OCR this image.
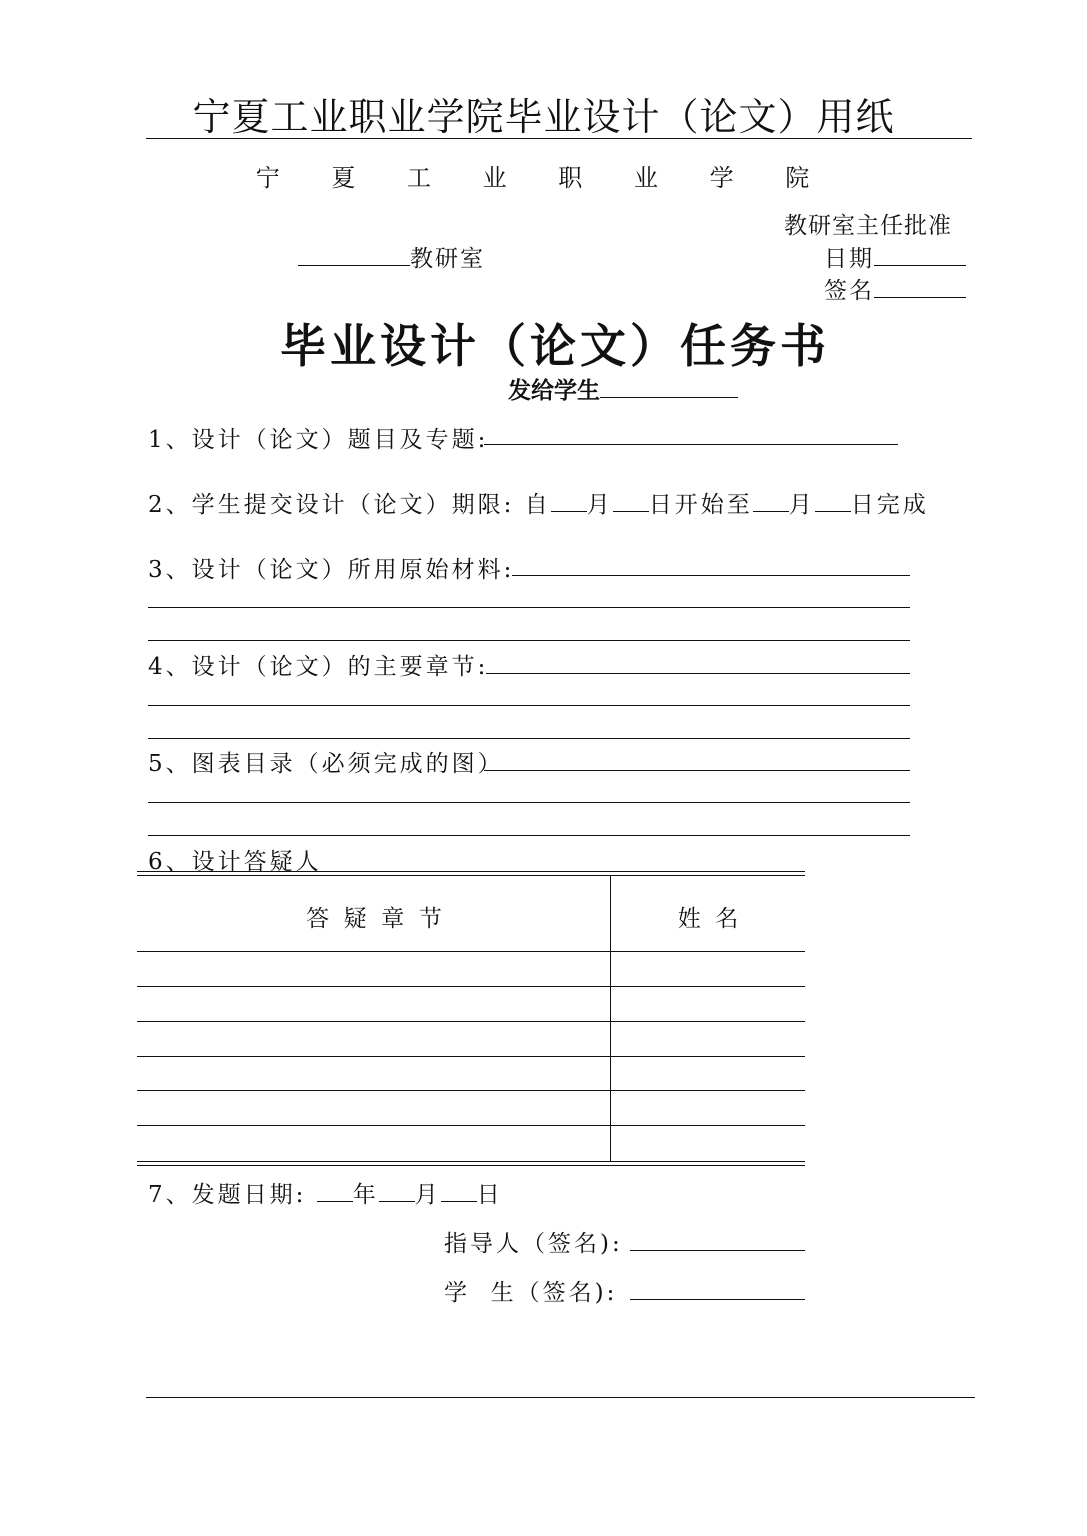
宁夏工业职业学院毕业设计（论文）用纸
宁 夏 工 业 职 业 学 院
教研室
教研室主任批准
日期
签名
毕业设计（论文）任务书
发给学生
1、设计（论文）题目及专题:
2、学生提交设计（论文）期限: 自 月 日开始至 月 日完成
3、设计（论文）所用原始材料:
4、设计（论文）的主要章节:
5、图表目录（必须完成的图）
6、设计答疑人
答  疑  章  节	姓  名
7、发题日期: 年 月 日
指导人（签名):
学  生（签名):
